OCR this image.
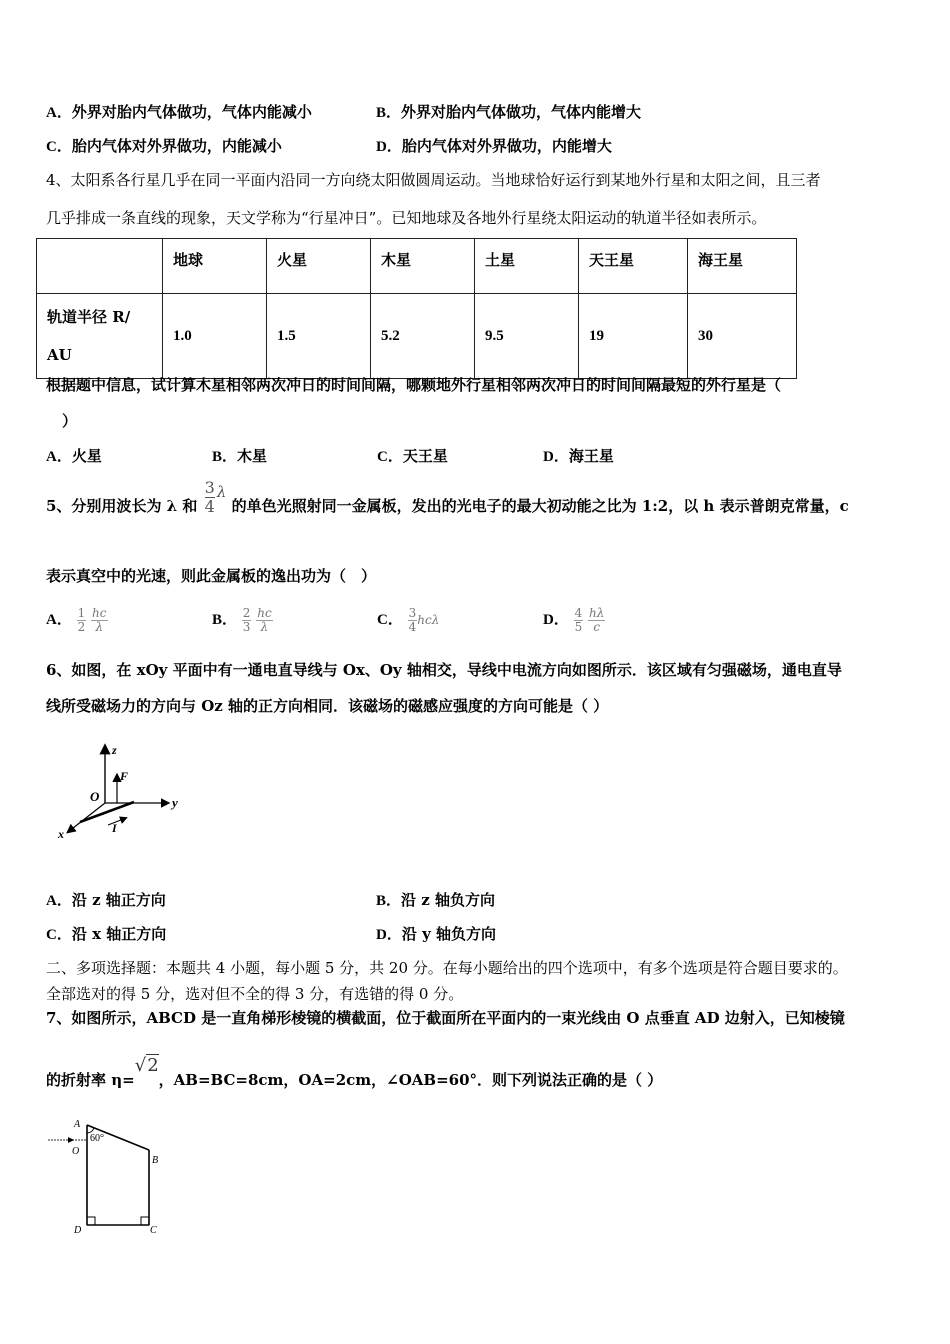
A．外界对胎内气体做功，气体内能减小	B．外界对胎内气体做功，气体内能增大
C．胎内气体对外界做功，内能减小	D．胎内气体对外界做功，内能增大
4、太阳系各行星几乎在同一平面内沿同一方向绕太阳做圆周运动。当地球恰好运行到某地外行星和太阳之间，且三者
几乎排成一条直线的现象，天文学称为“行星冲日”。已知地球及各地外行星绕太阳运动的轨道半径如表所示。
	地球	火星	木星	土星	天王星	海王星
轨道半径 R/
AU	1.0	1.5	5.2	9.5	19	30
根据题中信息，试计算木星相邻两次冲日的时间间隔，哪颗地外行星相邻两次冲日的时间间隔最短的外行星是（
）
A．火星	B．木星	C．天王星	D．海王星
5、分别用波长为 λ 和 $\frac{3}{4}$ λ 的单色光照射同一金属板，发出的光电子的最大初动能之比为 1:2，以 h 表示普朗克常量，c
表示真空中的光速，则此金属板的逸出功为（　）
A． $\frac{1}{2}$
$\frac{hc}{\lambda}$	B． $\frac{2}{3}$
$\frac{hc}{\lambda}$	C． $\frac{3}{4}$ hcλ	D． $\frac{4}{5}$
$\frac{h\lambda}{c}$
6、如图，在 xOy 平面中有一通电直导线与 Ox、Oy 轴相交，导线中电流方向如图所示．该区域有匀强磁场，通电直导
线所受磁场力的方向与 Oz 轴的正方向相同．该磁场的磁感应强度的方向可能是（ ）
z
y
x
O
F
I
A．沿 z 轴正方向	B．沿 z 轴负方向
C．沿 x 轴正方向	D．沿 y 轴负方向
二、多项选择题：本题共 4 小题，每小题 5 分，共 20 分。在每小题给出的四个选项中，有多个选项是符合题目要求的。
全部选对的得 5 分，选对但不全的得 3 分，有选错的得 0 分。
7、如图所示，ABCD 是一直角梯形棱镜的横截面，位于截面所在平面内的一束光线由 O 点垂直 AD 边射入，已知棱镜
的折射率 η=√2，AB=BC=8cm，OA=2cm，∠OAB=60°．则下列说法正确的是（ ）
A
60°
O
B
D	C
